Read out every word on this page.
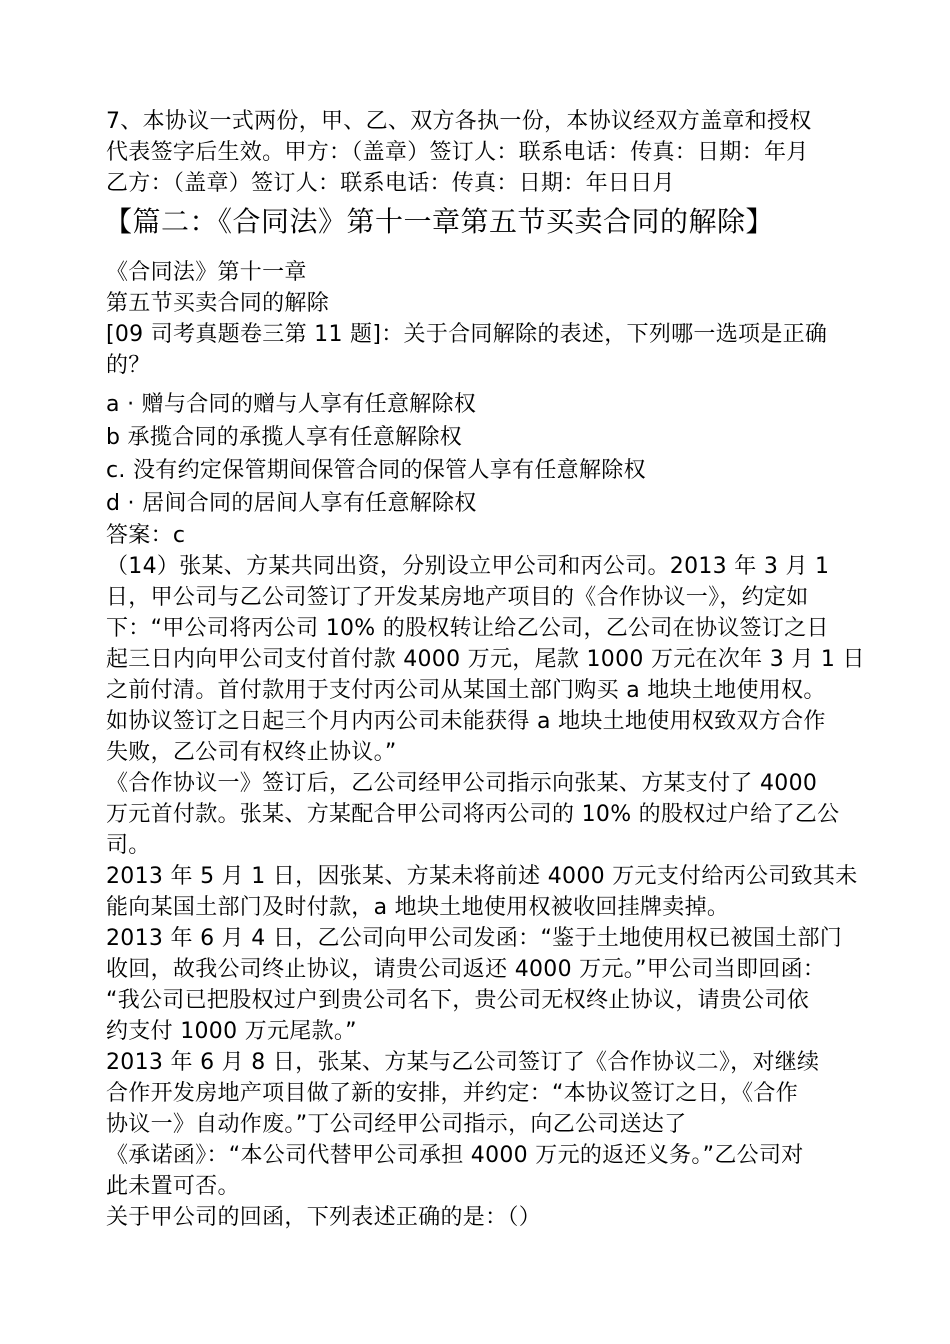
7、本协议一式两份，甲、乙、双方各执一份，本协议经双方盖章和授权
代表签字后生效。甲方：（盖章）签订人：联系电话：传真：日期：年月
乙方：（盖章）签订人：联系电话：传真：日期：年日日月
【篇二：《合同法》第十一章第五节买卖合同的解除】
《合同法》第十一章
第五节买卖合同的解除
[09 司考真题卷三第 11 题]：关于合同解除的表述，下列哪一选项是正确
的？
a · 赠与合同的赠与人享有任意解除权
b 承揽合同的承揽人享有任意解除权
c. 没有约定保管期间保管合同的保管人享有任意解除权
d · 居间合同的居间人享有任意解除权
答案：c
（14）张某、方某共同出资，分别设立甲公司和丙公司。2013 年 3 月 1
日，甲公司与乙公司签订了开发某房地产项目的《合作协议一》，约定如
下：“甲公司将丙公司 10% 的股权转让给乙公司，乙公司在协议签订之日
起三日内向甲公司支付首付款 4000 万元，尾款 1000 万元在次年 3 月 1 日
之前付清。首付款用于支付丙公司从某国土部门购买 a 地块土地使用权。
如协议签订之日起三个月内丙公司未能获得 a 地块土地使用权致双方合作
失败，乙公司有权终止协议。”
《合作协议一》签订后，乙公司经甲公司指示向张某、方某支付了 4000
万元首付款。张某、方某配合甲公司将丙公司的 10% 的股权过户给了乙公
司。
2013 年 5 月 1 日，因张某、方某未将前述 4000 万元支付给丙公司致其未
能向某国土部门及时付款，a 地块土地使用权被收回挂牌卖掉。
2013 年 6 月 4 日，乙公司向甲公司发函：“鉴于土地使用权已被国土部门
收回，故我公司终止协议，请贵公司返还 4000 万元。”甲公司当即回函：
“我公司已把股权过户到贵公司名下，贵公司无权终止协议，请贵公司依
约支付 1000 万元尾款。”
2013 年 6 月 8 日，张某、方某与乙公司签订了《合作协议二》，对继续
合作开发房地产项目做了新的安排，并约定：“本协议签订之日，《合作
协议一》自动作废。”丁公司经甲公司指示，向乙公司送达了
《承诺函》：“本公司代替甲公司承担 4000 万元的返还义务。”乙公司对
此未置可否。
关于甲公司的回函，下列表述正确的是：（）
